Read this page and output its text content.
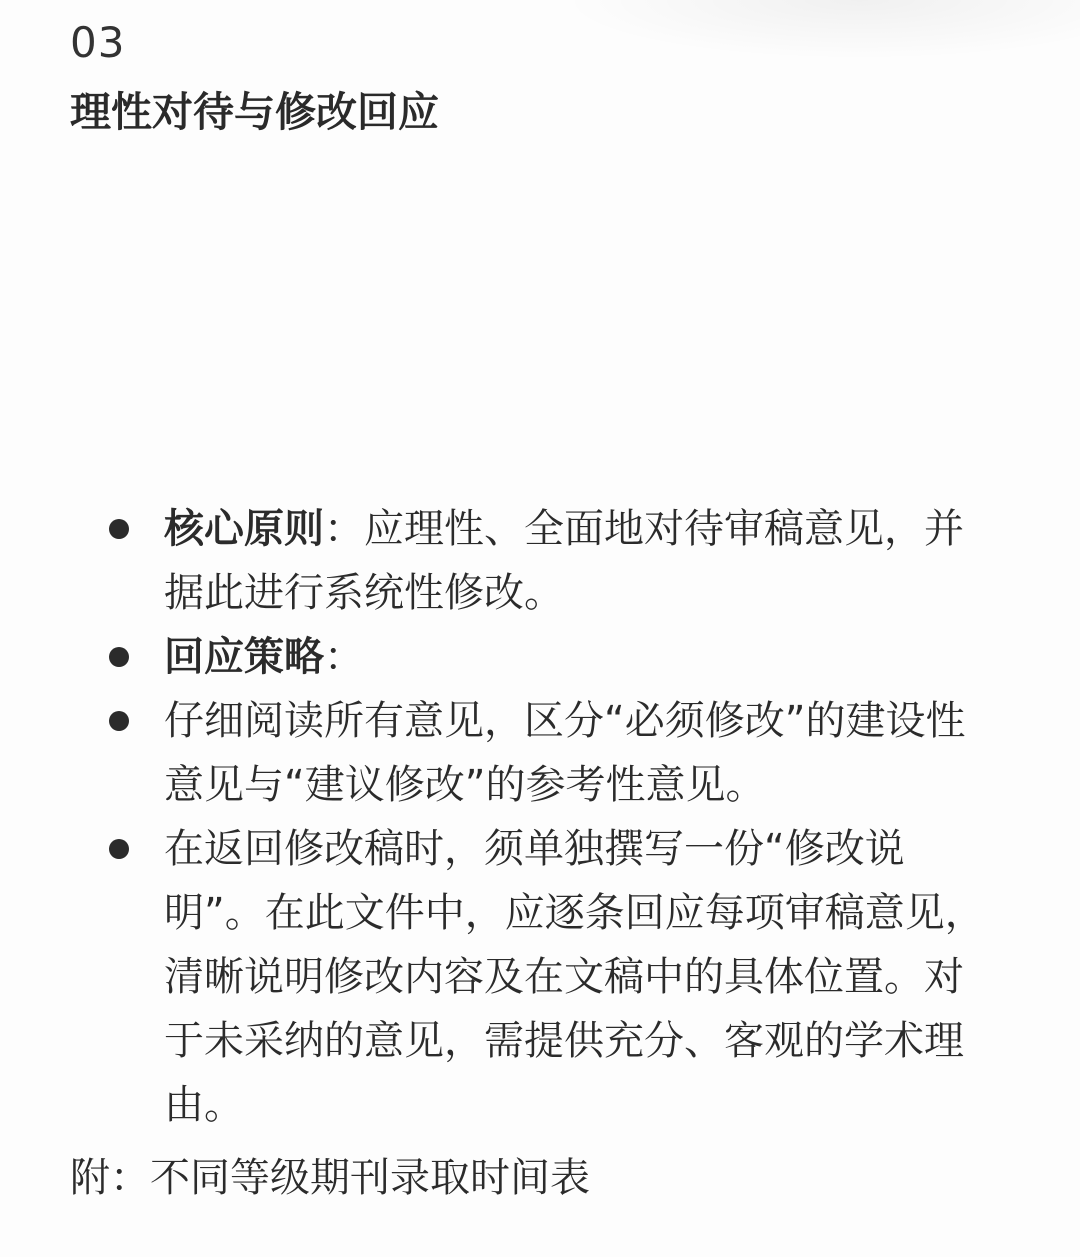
03
理性对待与修改回应
核心原则：应理性、全面地对待审稿意见，并据此进行系统性修改。
回应策略：
仔细阅读所有意见，区分“必须修改”的建设性意见与“建议修改”的参考性意见。
在返回修改稿时，须单独撰写一份“修改说明”。在此文件中，应逐条回应每项审稿意见，清晰说明修改内容及在文稿中的具体位置。对于未采纳的意见，需提供充分、客观的学术理由。
附：不同等级期刊录取时间表
